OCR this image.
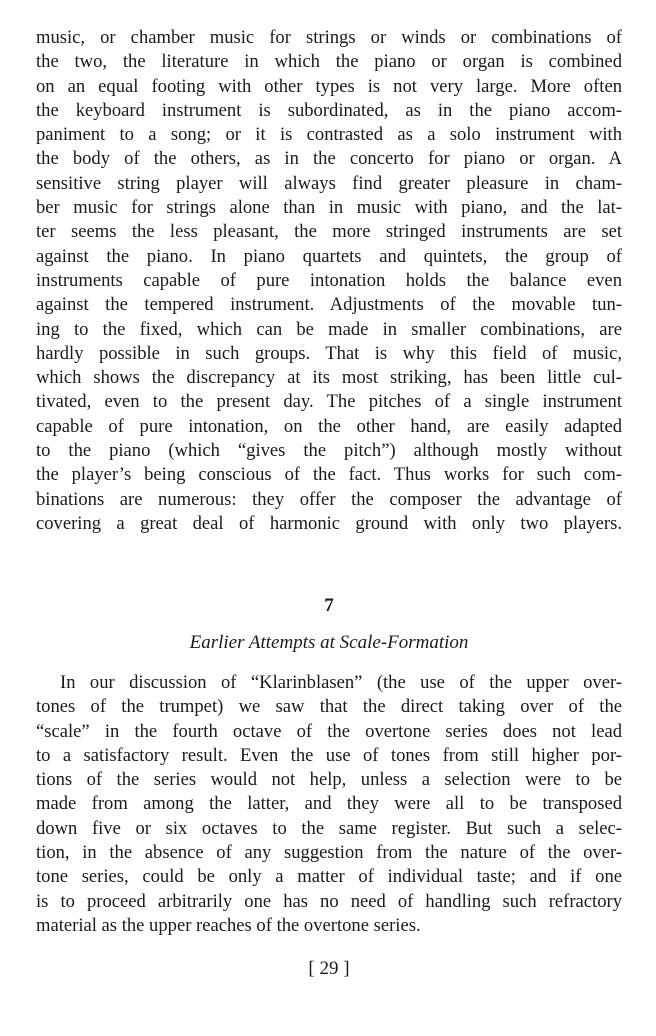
music, or chamber music for strings or winds or combinations of
the two, the literature in which the piano or organ is combined
on an equal footing with other types is not very large. More often
the keyboard instrument is subordinated, as in the piano accom-
paniment to a song; or it is contrasted as a solo instrument with
the body of the others, as in the concerto for piano or organ. A
sensitive string player will always find greater pleasure in cham-
ber music for strings alone than in music with piano, and the lat-
ter seems the less pleasant, the more stringed instruments are set
against the piano. In piano quartets and quintets, the group of
instruments capable of pure intonation holds the balance even
against the tempered instrument. Adjustments of the movable tun-
ing to the fixed, which can be made in smaller combinations, are
hardly possible in such groups. That is why this field of music,
which shows the discrepancy at its most striking, has been little cul-
tivated, even to the present day. The pitches of a single instrument
capable of pure intonation, on the other hand, are easily adapted
to the piano (which “gives the pitch”) although mostly without
the player’s being conscious of the fact. Thus works for such com-
binations are numerous: they offer the composer the advantage of
covering a great deal of harmonic ground with only two players.
7
Earlier Attempts at Scale-Formation
In our discussion of “Klarinblasen” (the use of the upper over-
tones of the trumpet) we saw that the direct taking over of the
“scale” in the fourth octave of the overtone series does not lead
to a satisfactory result. Even the use of tones from still higher por-
tions of the series would not help, unless a selection were to be
made from among the latter, and they were all to be transposed
down five or six octaves to the same register. But such a selec-
tion, in the absence of any suggestion from the nature of the over-
tone series, could be only a matter of individual taste; and if one
is to proceed arbitrarily one has no need of handling such refractory
material as the upper reaches of the overtone series.
[ 29 ]
